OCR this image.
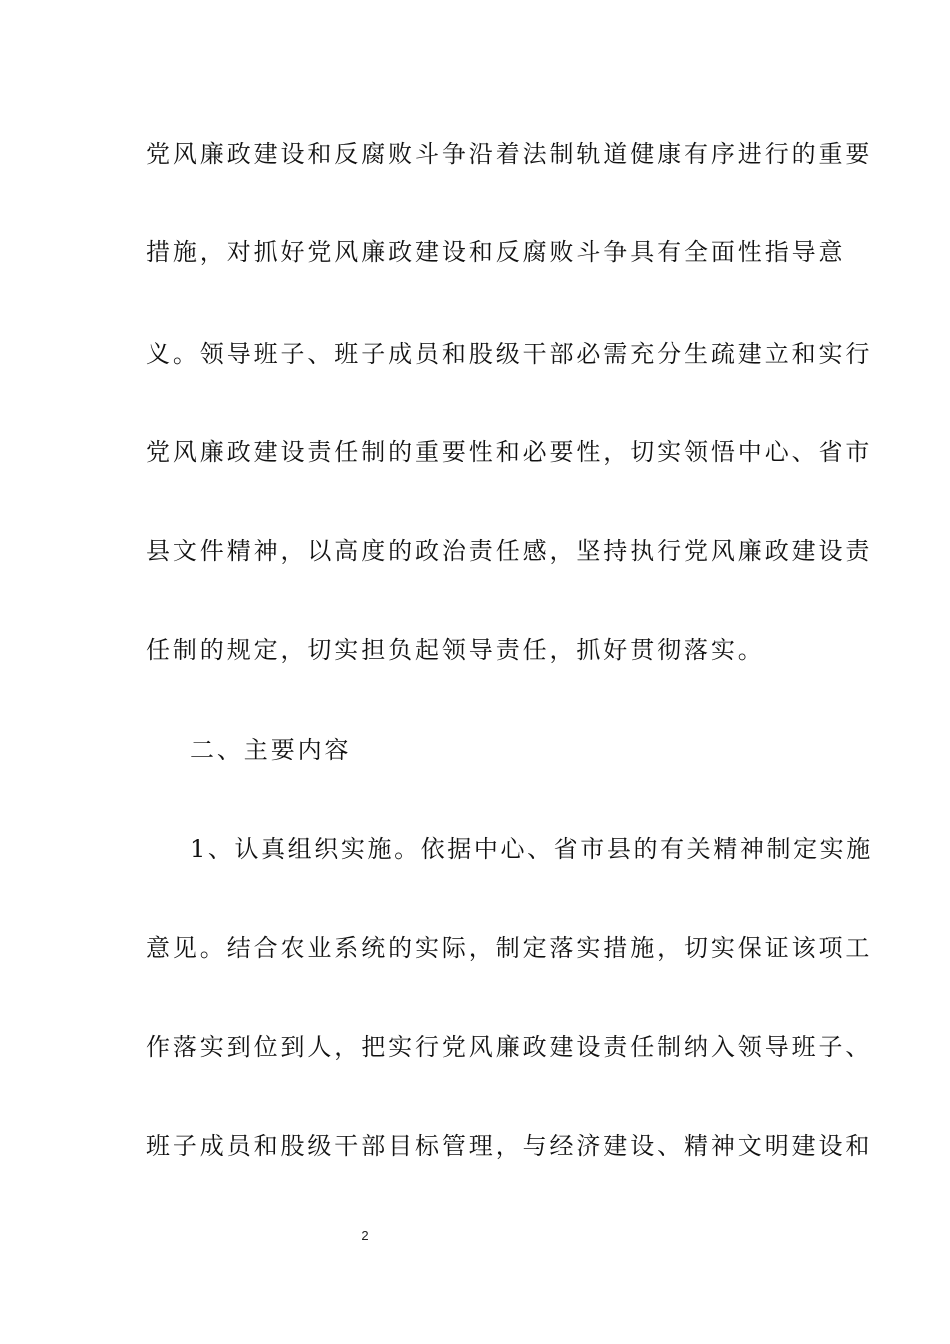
党风廉政建设和反腐败斗争沿着法制轨道健康有序进行的重要
措施，对抓好党风廉政建设和反腐败斗争具有全面性指导意
义。领导班子、班子成员和股级干部必需充分生疏建立和实行
党风廉政建设责任制的重要性和必要性，切实领悟中心、省市
县文件精神，以高度的政治责任感，坚持执行党风廉政建设责
任制的规定，切实担负起领导责任，抓好贯彻落实。
二、主要内容
1、认真组织实施。依据中心、省市县的有关精神制定实施
意见。结合农业系统的实际，制定落实措施，切实保证该项工
作落实到位到人，把实行党风廉政建设责任制纳入领导班子、
班子成员和股级干部目标管理，与经济建设、精神文明建设和
2
